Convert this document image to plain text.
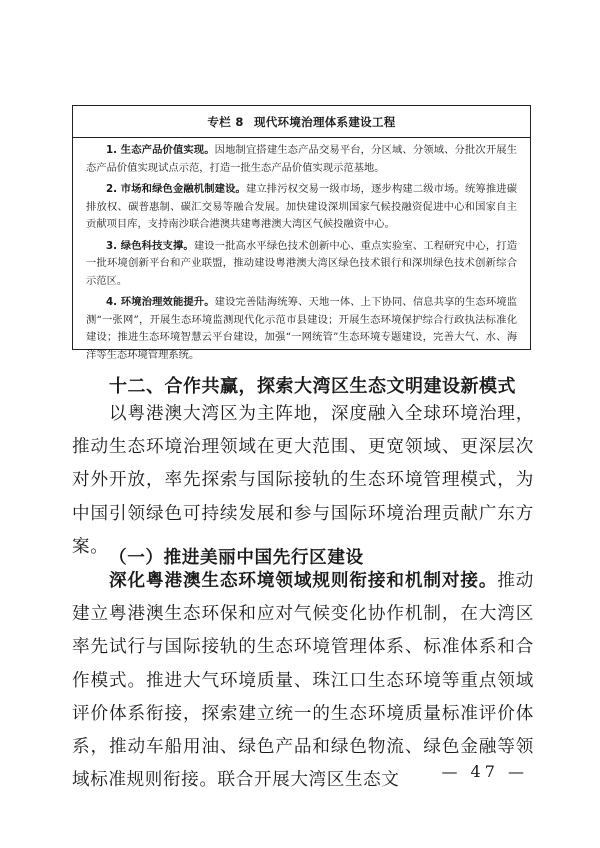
专栏 8 现代环境治理体系建设工程

1. 生态产品价值实现。因地制宜搭建生态产品交易平台，分区域、分领域、分批次开展生态产品价值实现试点示范，打造一批生态产品价值实现示范基地。

2. 市场和绿色金融机制建设。建立排污权交易一级市场，逐步构建二级市场。统筹推进碳排放权、碳普惠制、碳汇交易等融合发展。加快建设深圳国家气候投融资促进中心和国家自主贡献项目库，支持南沙联合港澳共建粤港澳大湾区气候投融资中心。

3. 绿色科技支撑。建设一批高水平绿色技术创新中心、重点实验室、工程研究中心，打造一批环境创新平台和产业联盟，推动建设粤港澳大湾区绿色技术银行和深圳绿色技术创新综合示范区。

4. 环境治理效能提升。建设完善陆海统筹、天地一体、上下协同、信息共享的生态环境监测“一张网”，开展生态环境监测现代化示范市县建设；开展生态环境保护综合行政执法标准化建设；推进生态环境智慧云平台建设，加强“一网统管”生态环境专题建设，完善大气、水、海洋等生态环境管理系统。

十二、合作共赢，探索大湾区生态文明建设新模式

以粤港澳大湾区为主阵地，深度融入全球环境治理，推动生态环境治理领域在更大范围、更宽领域、更深层次对外开放，率先探索与国际接轨的生态环境管理模式，为中国引领绿色可持续发展和参与国际环境治理贡献广东方案。

（一）推进美丽中国先行区建设

深化粤港澳生态环境领域规则衔接和机制对接。推动建立粤港澳生态环保和应对气候变化协作机制，在大湾区率先试行与国际接轨的生态环境管理体系、标准体系和合作模式。推进大气环境质量、珠江口生态环境等重点领域评价体系衔接，探索建立统一的生态环境质量标准评价体系，推动车船用油、绿色产品和绿色物流、绿色金融等领域标准规则衔接。联合开展大湾区生态文	— 47 —
